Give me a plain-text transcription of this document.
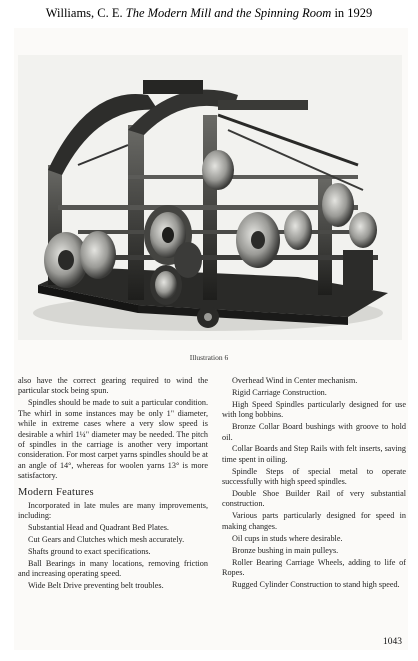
Williams, C. E. The Modern Mill and the Spinning Room in 1929
Illustration 6

also have the correct gearing required to wind the particular stock being spun.

Spindles should be made to suit a particular condition. The whirl in some instances may be only 1" diameter, while in extreme cases where a very slow speed is desirable a whirl 1¼" diameter may be needed. The pitch of spindles in the carriage is another very important consideration. For most carpet yarns spindles should be at an angle of 14°, whereas for woolen yarns 13° is more satisfactory.

Modern Features

Incorporated in late mules are many improvements, including:

Substantial Head and Quadrant Bed Plates.

Cut Gears and Clutches which mesh accurately.

Shafts ground to exact specifications.

Ball Bearings in many locations, removing friction and increasing operating speed.

Wide Belt Drive preventing belt troubles.

Overhead Wind in Center mechanism.

Rigid Carriage Construction.

High Speed Spindles particularly designed for use with long bobbins.

Bronze Collar Board bushings with groove to hold oil.

Collar Boards and Step Rails with felt inserts, saving time spent in oiling.

Spindle Steps of special metal to operate successfully with high speed spindles.

Double Shoe Builder Rail of very substantial construction.

Various parts particularly designed for speed in making changes.

Oil cups in studs where desirable.

Bronze bushing in main pulleys.

Roller Bearing Carriage Wheels, adding to life of Ropes.

Rugged Cylinder Construction to stand high speed.

1043
